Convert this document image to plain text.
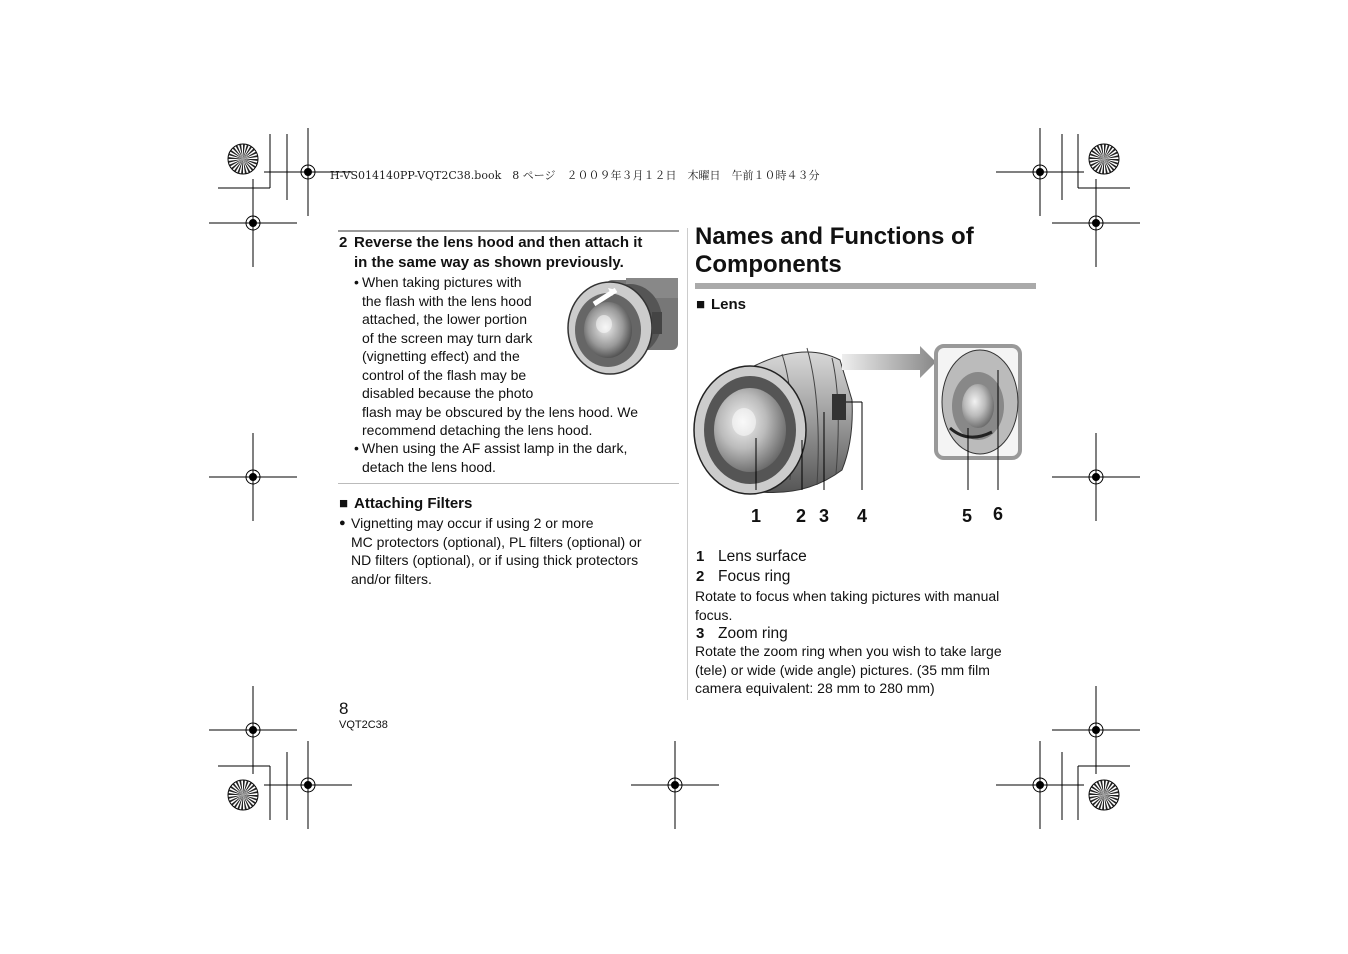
H-VS014140PP-VQT2C38.book　8 ページ　２００９年３月１２日　木曜日　午前１０時４３分
2 Reverse the lens hood and then attach it
in the same way as shown previously.
• When taking pictures with
the flash with the lens hood
attached, the lower portion
of the screen may turn dark
(vignetting effect) and the
control of the flash may be
disabled because the photo
flash may be obscured by the lens hood. We
recommend detaching the lens hood.
• When using the AF assist lamp in the dark,
detach the lens hood.
■ Attaching Filters
● Vignetting may occur if using 2 or more
MC protectors (optional), PL filters (optional) or
ND filters (optional), or if using thick protectors
and/or filters.
Names and Functions of
Components
■ Lens
1 2 3 4	5 6
1 Lens surface
2 Focus ring
Rotate to focus when taking pictures with manual
focus.
3 Zoom ring
Rotate the zoom ring when you wish to take large
(tele) or wide (wide angle) pictures. (35 mm film
camera equivalent: 28 mm to 280 mm)
8
VQT2C38
